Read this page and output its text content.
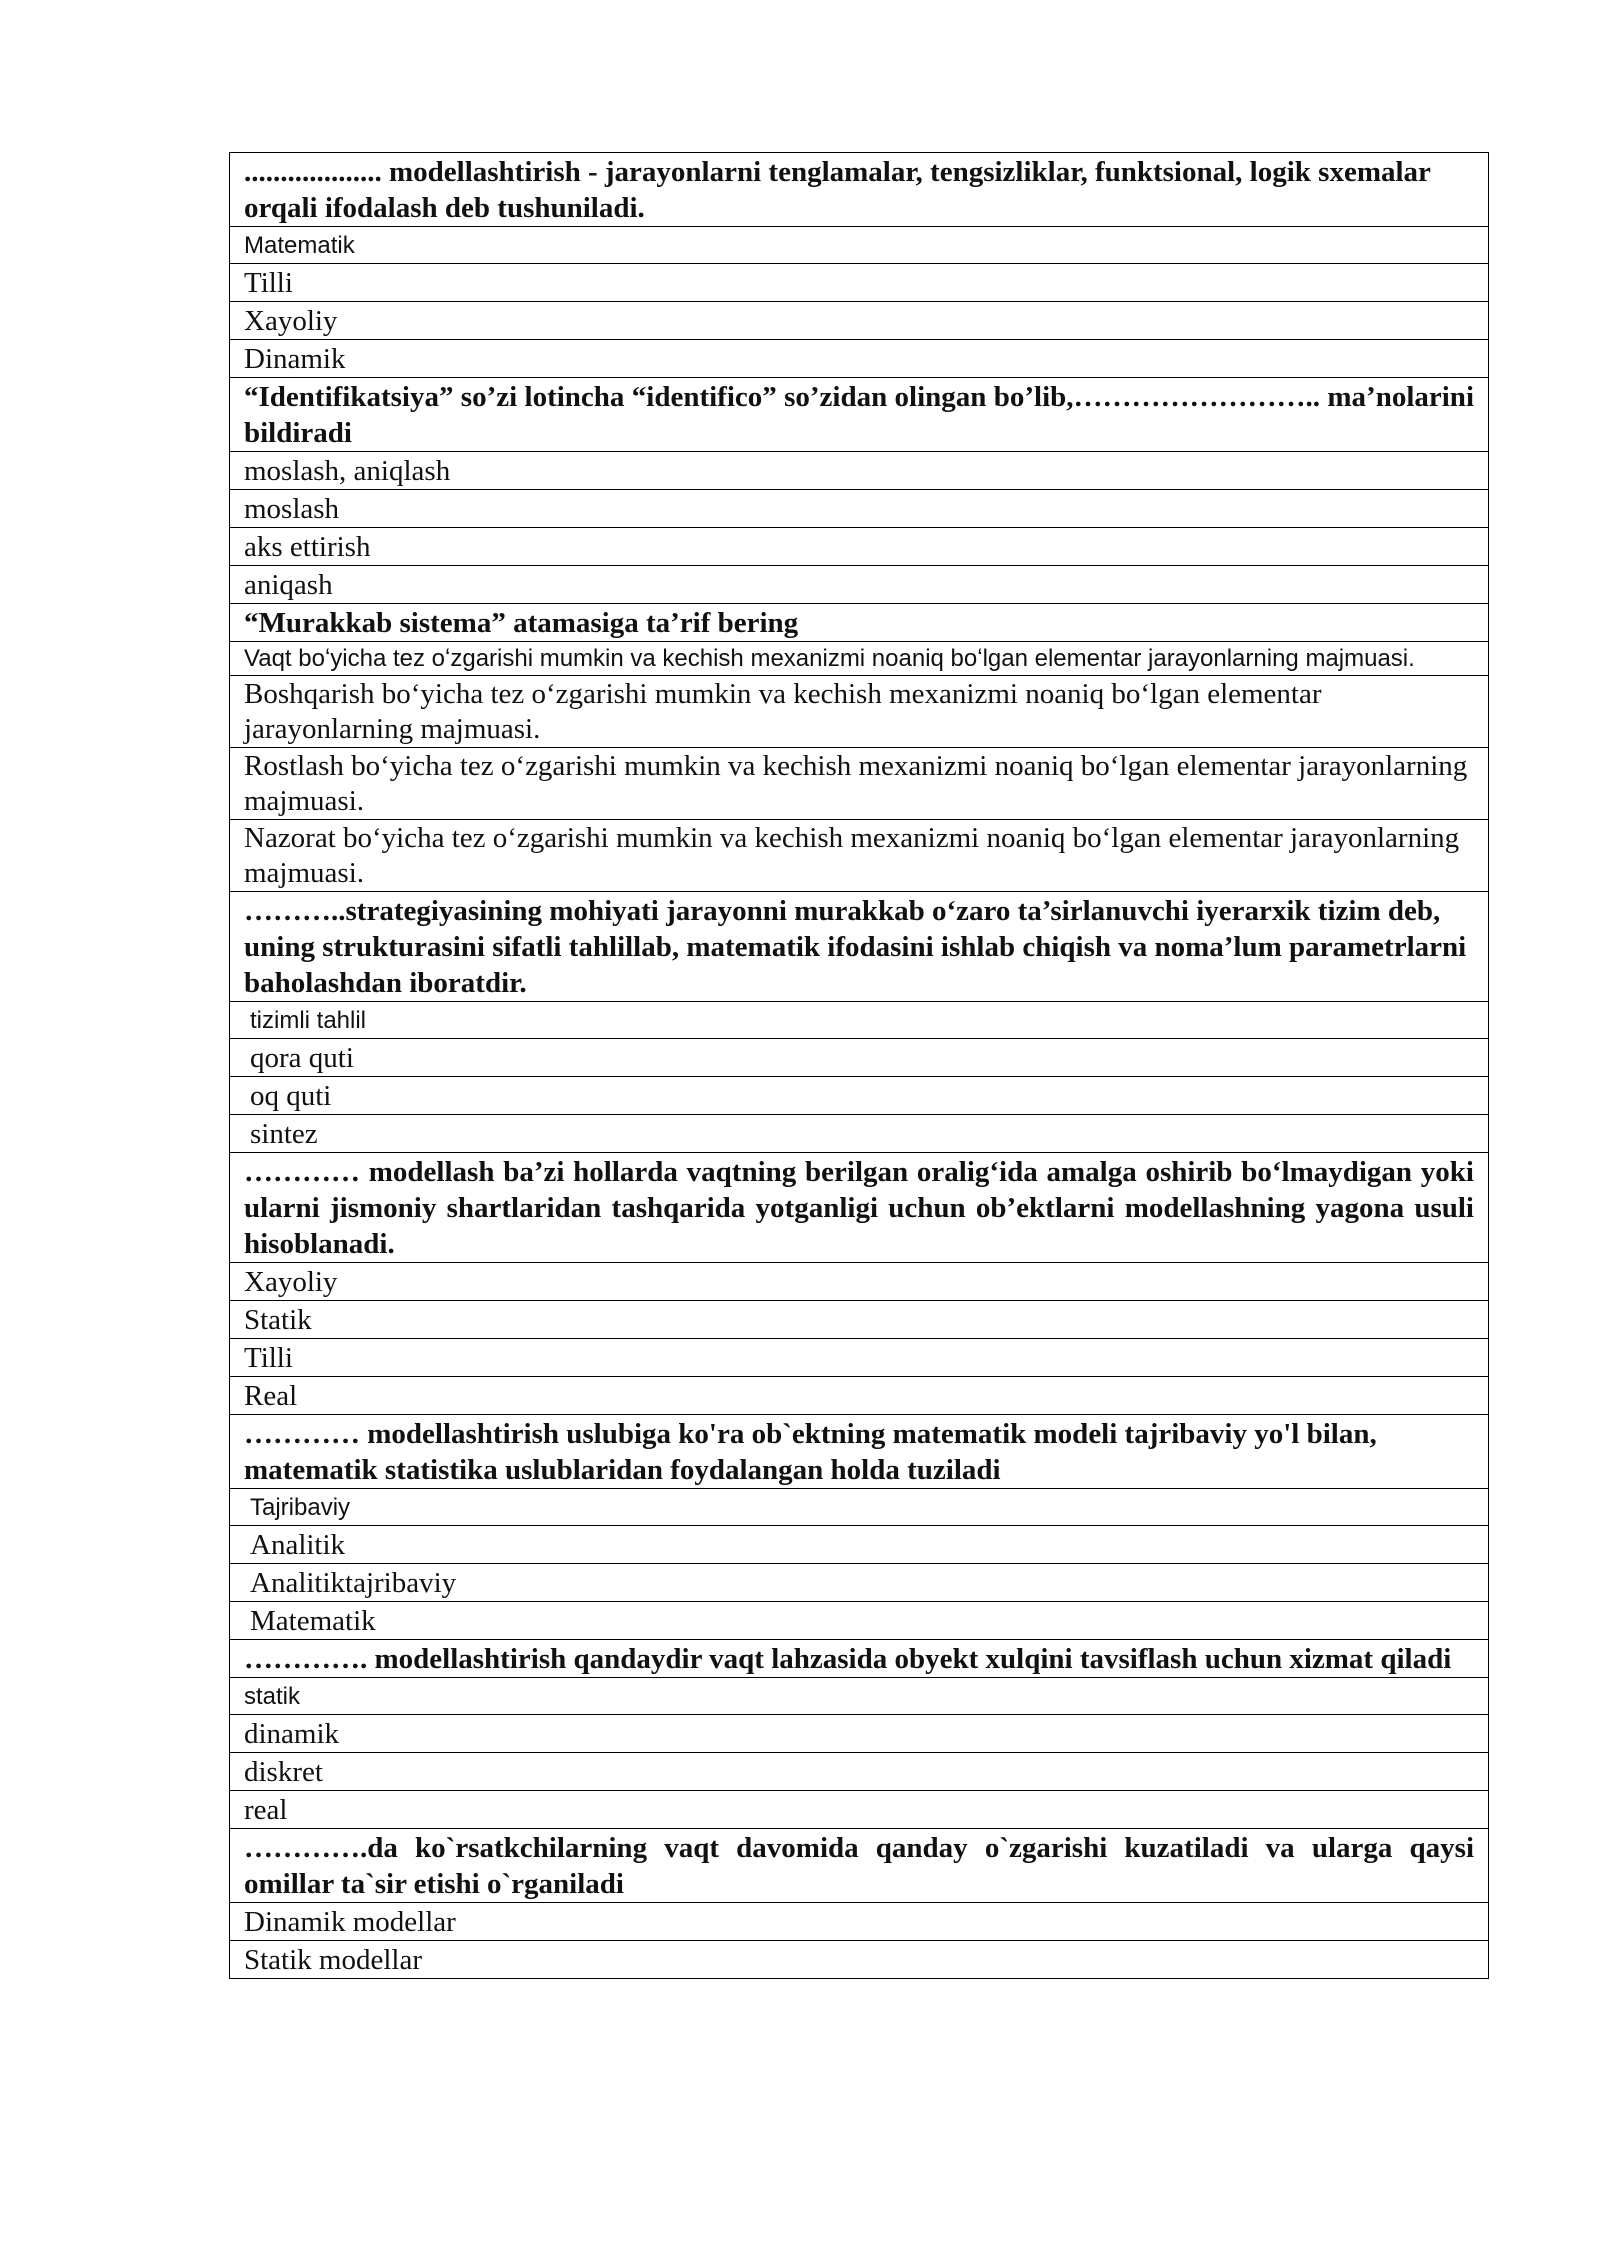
................... modellashtirish - jarayonlarni tenglamalar, tengsizliklar, funktsional, logik sxemalar orqali ifodalash deb tushuniladi.
Matematik
Tilli
Xayoliy
Dinamik
“Identifikatsiya” so’zi lotincha “identifico” so’zidan olingan bo’lib,…………………….. ma’nolarini bildiradi
moslash, aniqlash
moslash
aks ettirish
aniqash
“Murakkab sistema” atamasiga ta’rif bering
Vaqt boʻyicha tez oʻzgarishi mumkin va kechish mexanizmi noaniq boʻlgan elementar jarayonlarning majmuasi.
Boshqarish boʻyicha tez oʻzgarishi mumkin va kechish mexanizmi noaniq boʻlgan elementar jarayonlarning majmuasi.
Rostlash boʻyicha tez oʻzgarishi mumkin va kechish mexanizmi noaniq boʻlgan elementar jarayonlarning majmuasi.
Nazorat boʻyicha tez oʻzgarishi mumkin va kechish mexanizmi noaniq boʻlgan elementar jarayonlarning majmuasi.
………..strategiyasining mohiyati jarayonni murakkab oʻzaro ta’sirlanuvchi iyerarxik tizim deb, uning strukturasini sifatli tahlillab, matematik ifodasini ishlab chiqish va noma’lum parametrlarni baholashdan iboratdir.
tizimli tahlil
qora quti
oq quti
sintez
………… modellash ba’zi hollarda vaqtning berilgan oraligʻida amalga oshirib boʻlmaydigan yoki ularni jismoniy shartlaridan tashqarida yotganligi uchun ob’ektlarni modellashning yagona usuli hisoblanadi.
Xayoliy
Statik
Tilli
Real
………… modellashtirish uslubiga ko'ra ob`ektning matematik modeli tajribaviy yo'l bilan, matematik statistika uslublaridan foydalangan holda tuziladi
Tajribaviy
Analitik
Analitiktajribaviy
Matematik
…………. modellashtirish qandaydir vaqt lahzasida obyekt xulqini tavsiflash uchun xizmat qiladi
statik
dinamik
diskret
real
………….da ko`rsatkchilarning vaqt davomida qanday o`zgarishi kuzatiladi va ularga qaysi omillar ta`sir etishi o`rganiladi
Dinamik modellar
Statik modellar
